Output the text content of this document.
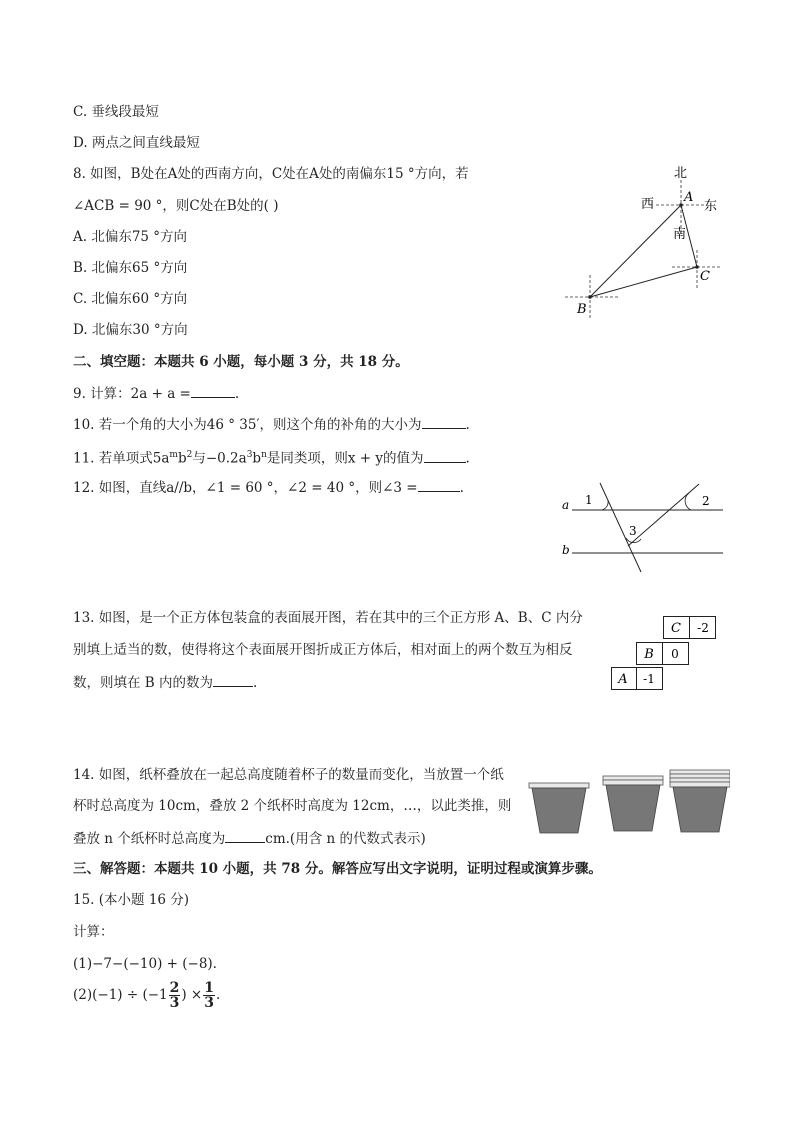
C. 垂线段最短
D. 两点之间直线最短
8. 如图，B处在A处的西南方向，C处在A处的南偏东15 °方向，若
∠ACB = 90 °，则C处在B处的( )
A. 北偏东75 °方向
B. 北偏东65 °方向
C. 北偏东60 °方向
D. 北偏东30 °方向
二、填空题：本题共 6 小题，每小题 3 分，共 18 分。
9. 计算：2a + a =	.
10. 若一个角的大小为46 ° 35′，则这个角的补角的大小为	.
11. 若单项式$5a^mb^2$与$-0.2a^3b^n$是同类项，则x + y的值为	.
12. 如图，直线a//b，∠1 = 60 °，∠2 = 40 °，则∠3 =	.
13. 如图，是一个正方体包装盒的表面展开图，若在其中的三个正方形 A、B、C 内分
别填上适当的数，使得将这个表面展开图折成正方体后，相对面上的两个数互为相反
数，则填在 B 内的数为	.
14. 如图，纸杯叠放在一起总高度随着杯子的数量而变化，当放置一个纸
杯时总高度为 10cm，叠放 2 个纸杯时高度为 12cm，…，以此类推，则
叠放 n 个纸杯时总高度为	cm.(用含 n 的代数式表示)
三、解答题：本题共 10 小题，共 78 分。解答应写出文字说明，证明过程或演算步骤。
15. (本小题 16 分)
计算：
(1)−7−(−10) + (−8).
$(2)(-1) \div (-1 \frac{2}{3}$ ) × $\frac{1}{3}$ .
北
西	东
南
A
B
C
a
b
1	2
3
C -2
B 0
A -1
